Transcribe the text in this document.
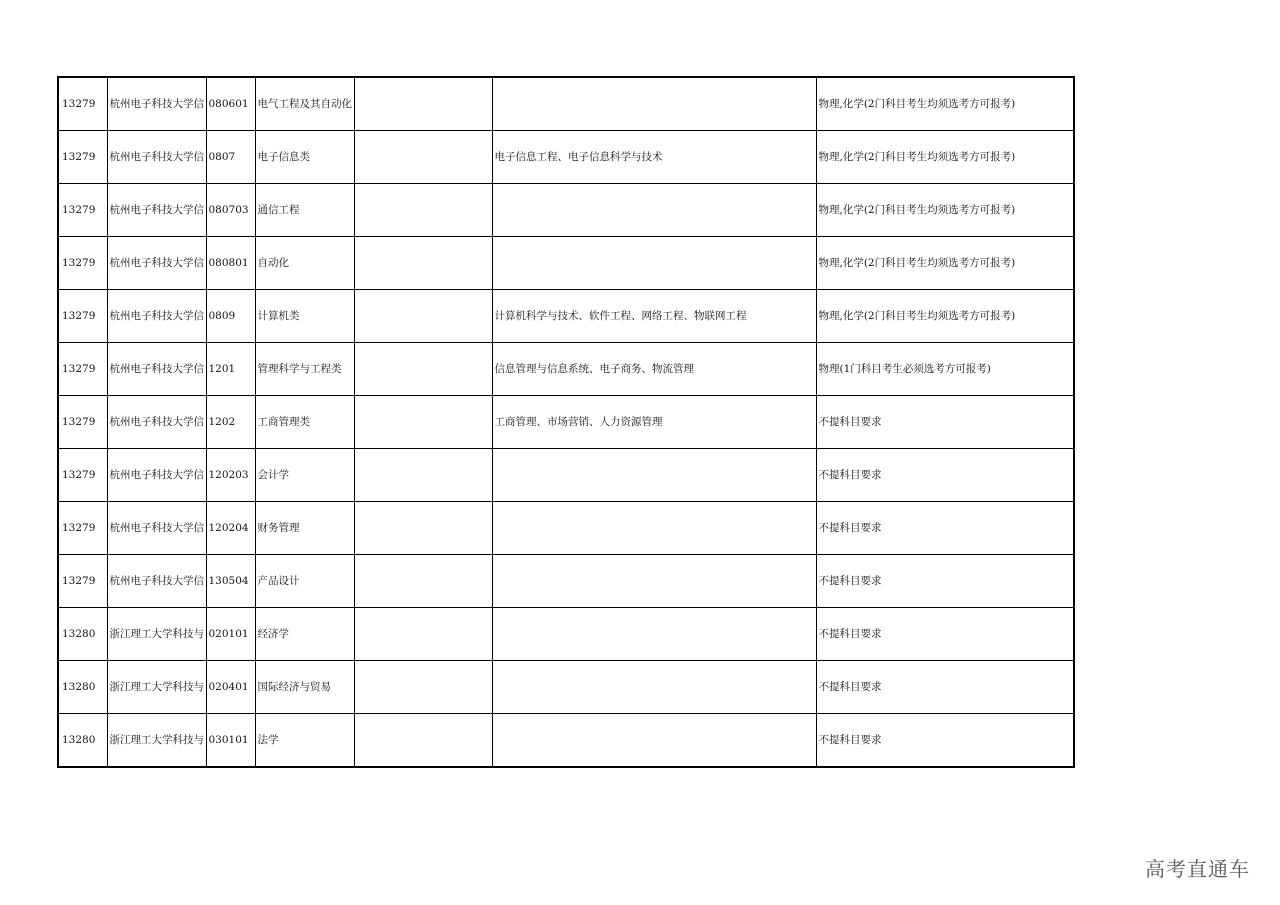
13279	杭州电子科技大学信	080601	电气工程及其自动化			物理,化学(2门科目考生均须选考方可报考)
13279	杭州电子科技大学信	0807	电子信息类		电子信息工程、电子信息科学与技术	物理,化学(2门科目考生均须选考方可报考)
13279	杭州电子科技大学信	080703	通信工程			物理,化学(2门科目考生均须选考方可报考)
13279	杭州电子科技大学信	080801	自动化			物理,化学(2门科目考生均须选考方可报考)
13279	杭州电子科技大学信	0809	计算机类		计算机科学与技术、软件工程、网络工程、物联网工程	物理,化学(2门科目考生均须选考方可报考)
13279	杭州电子科技大学信	1201	管理科学与工程类		信息管理与信息系统、电子商务、物流管理	物理(1门科目考生必须选考方可报考)
13279	杭州电子科技大学信	1202	工商管理类		工商管理、市场营销、人力资源管理	不提科目要求
13279	杭州电子科技大学信	120203	会计学			不提科目要求
13279	杭州电子科技大学信	120204	财务管理			不提科目要求
13279	杭州电子科技大学信	130504	产品设计			不提科目要求
13280	浙江理工大学科技与	020101	经济学			不提科目要求
13280	浙江理工大学科技与	020401	国际经济与贸易			不提科目要求
13280	浙江理工大学科技与	030101	法学			不提科目要求
高考直通车
